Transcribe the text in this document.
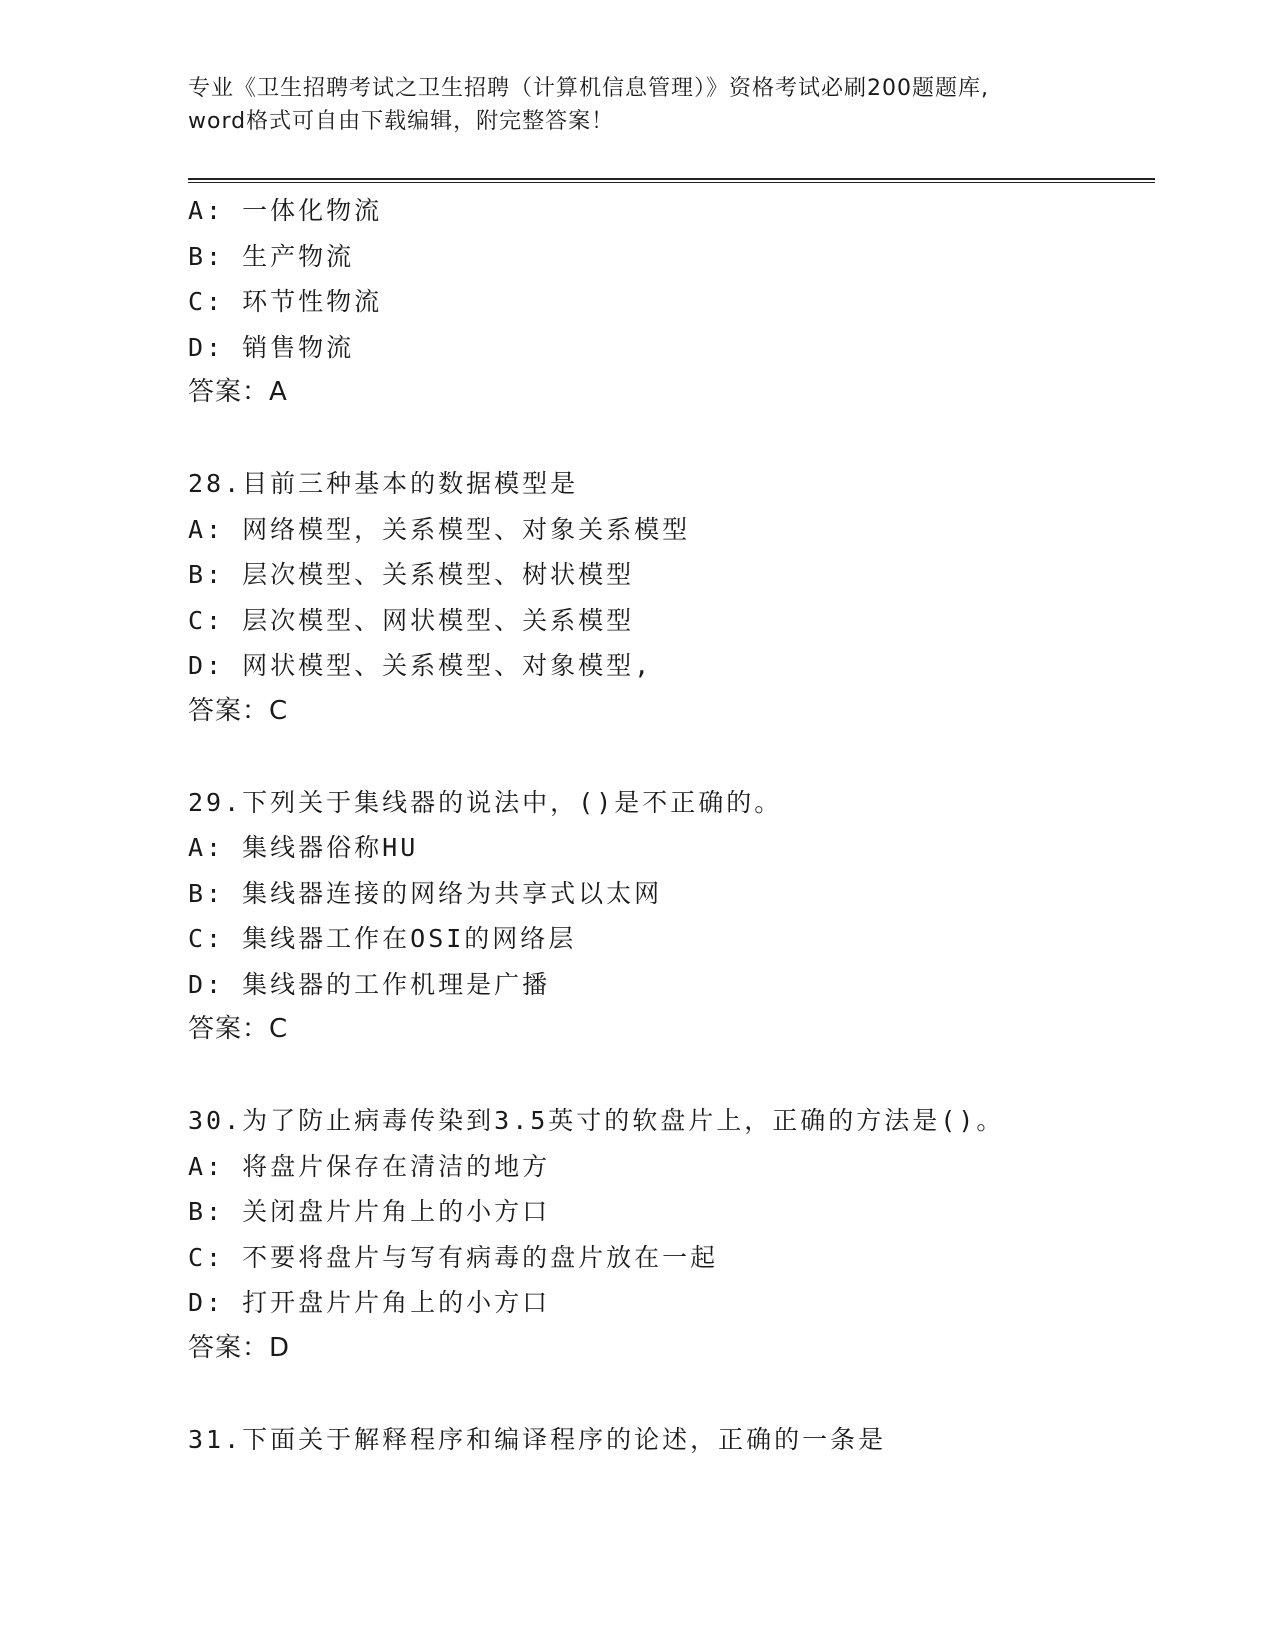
专业《卫生招聘考试之卫生招聘（计算机信息管理）》资格考试必刷200题题库,
word格式可自由下载编辑，附完整答案！
A: 一体化物流
B: 生产物流
C: 环节性物流
D: 销售物流
答案：A
28.目前三种基本的数据模型是
A: 网络模型，关系模型、对象关系模型
B: 层次模型、关系模型、树状模型
C: 层次模型、网状模型、关系模型
D: 网状模型、关系模型、对象模型,
答案：C
29.下列关于集线器的说法中，()是不正确的。
A: 集线器俗称HU
B: 集线器连接的网络为共享式以太网
C: 集线器工作在OSI的网络层
D: 集线器的工作机理是广播
答案：C
30.为了防止病毒传染到3.5英寸的软盘片上，正确的方法是()。
A: 将盘片保存在清洁的地方
B: 关闭盘片片角上的小方口
C: 不要将盘片与写有病毒的盘片放在一起
D: 打开盘片片角上的小方口
答案：D
31.下面关于解释程序和编译程序的论述，正确的一条是
